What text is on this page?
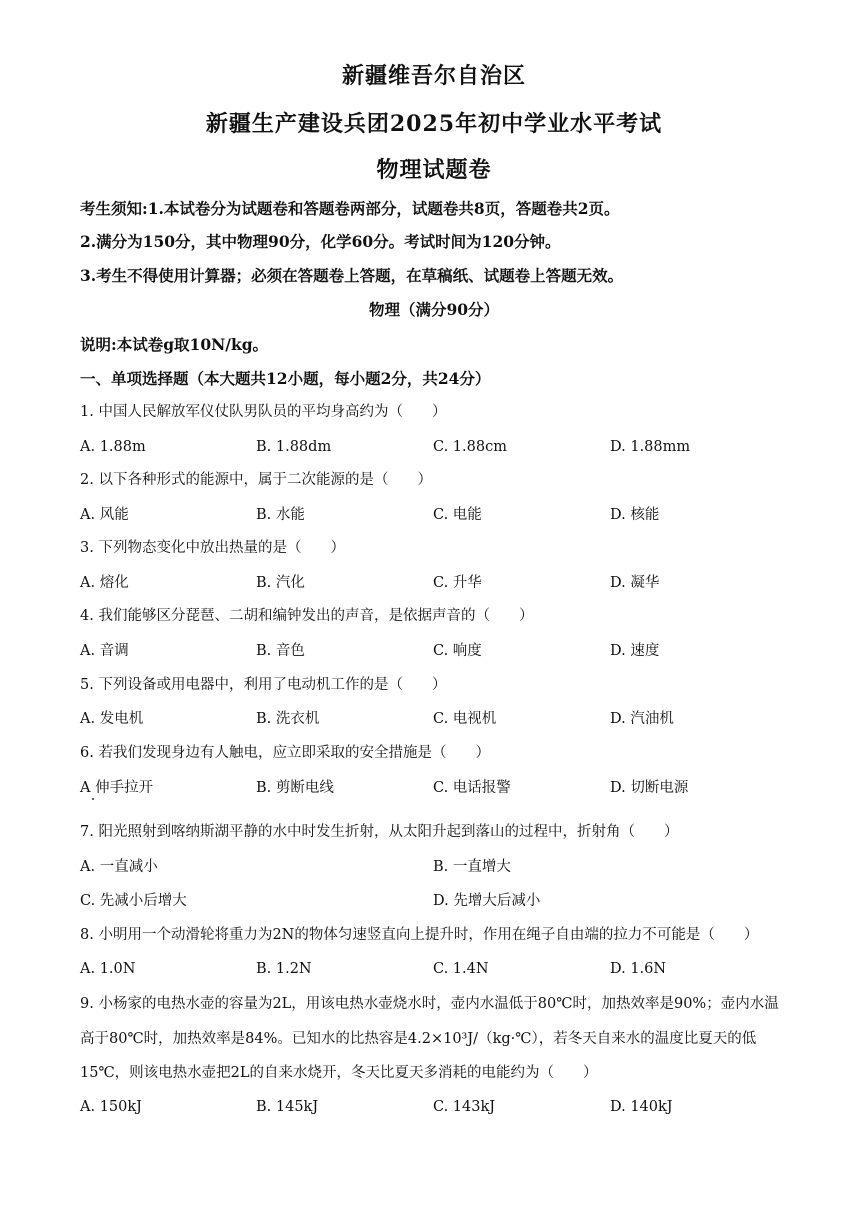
新疆维吾尔自治区
新疆生产建设兵团2025年初中学业水平考试
物理试题卷
考生须知:1.本试卷分为试题卷和答题卷两部分，试题卷共8页，答题卷共2页。
2.满分为150分，其中物理90分，化学60分。考试时间为120分钟。
3.考生不得使用计算器；必须在答题卷上答题，在草稿纸、试题卷上答题无效。
物理（满分90分）
说明:本试卷g取10N/kg。
一、单项选择题（本大题共12小题，每小题2分，共24分）
1. 中国人民解放军仪仗队男队员的平均身高约为（　　）
A. 1.88m	B. 1.88dm	C. 1.88cm	D. 1.88mm
2. 以下各种形式的能源中，属于二次能源的是（　　）
A. 风能	B. 水能	C. 电能	D. 核能
3. 下列物态变化中放出热量的是（　　）
A. 熔化	B. 汽化	C. 升华	D. 凝华
4. 我们能够区分琵琶、二胡和编钟发出的声音，是依据声音的（　　）
A. 音调	B. 音色	C. 响度	D. 速度
5. 下列设备或用电器中，利用了电动机工作的是（　　）
A. 发电机	B. 洗衣机	C. 电视机	D. 汽油机
6. 若我们发现身边有人触电，应立即采取的安全措施是（　　）
A 伸手拉开	B. 剪断电线	C. 电话报警	D. 切断电源
7. 阳光照射到喀纳斯湖平静的水中时发生折射，从太阳升起到落山的过程中，折射角（　　）
A. 一直减小	B. 一直增大
C. 先减小后增大	D. 先增大后减小
8. 小明用一个动滑轮将重力为2N的物体匀速竖直向上提升时，作用在绳子自由端的拉力不可能是（　　）
A. 1.0N	B. 1.2N	C. 1.4N	D. 1.6N
9. 小杨家的电热水壶的容量为2L，用该电热水壶烧水时，壶内水温低于80℃时，加热效率是90%；壶内水温高于80℃时，加热效率是84%。已知水的比热容是4.2×10³J/（kg·℃），若冬天自来水的温度比夏天的低15℃，则该电热水壶把2L的自来水烧开，冬天比夏天多消耗的电能约为（　　）
A. 150kJ	B. 145kJ	C. 143kJ	D. 140kJ
